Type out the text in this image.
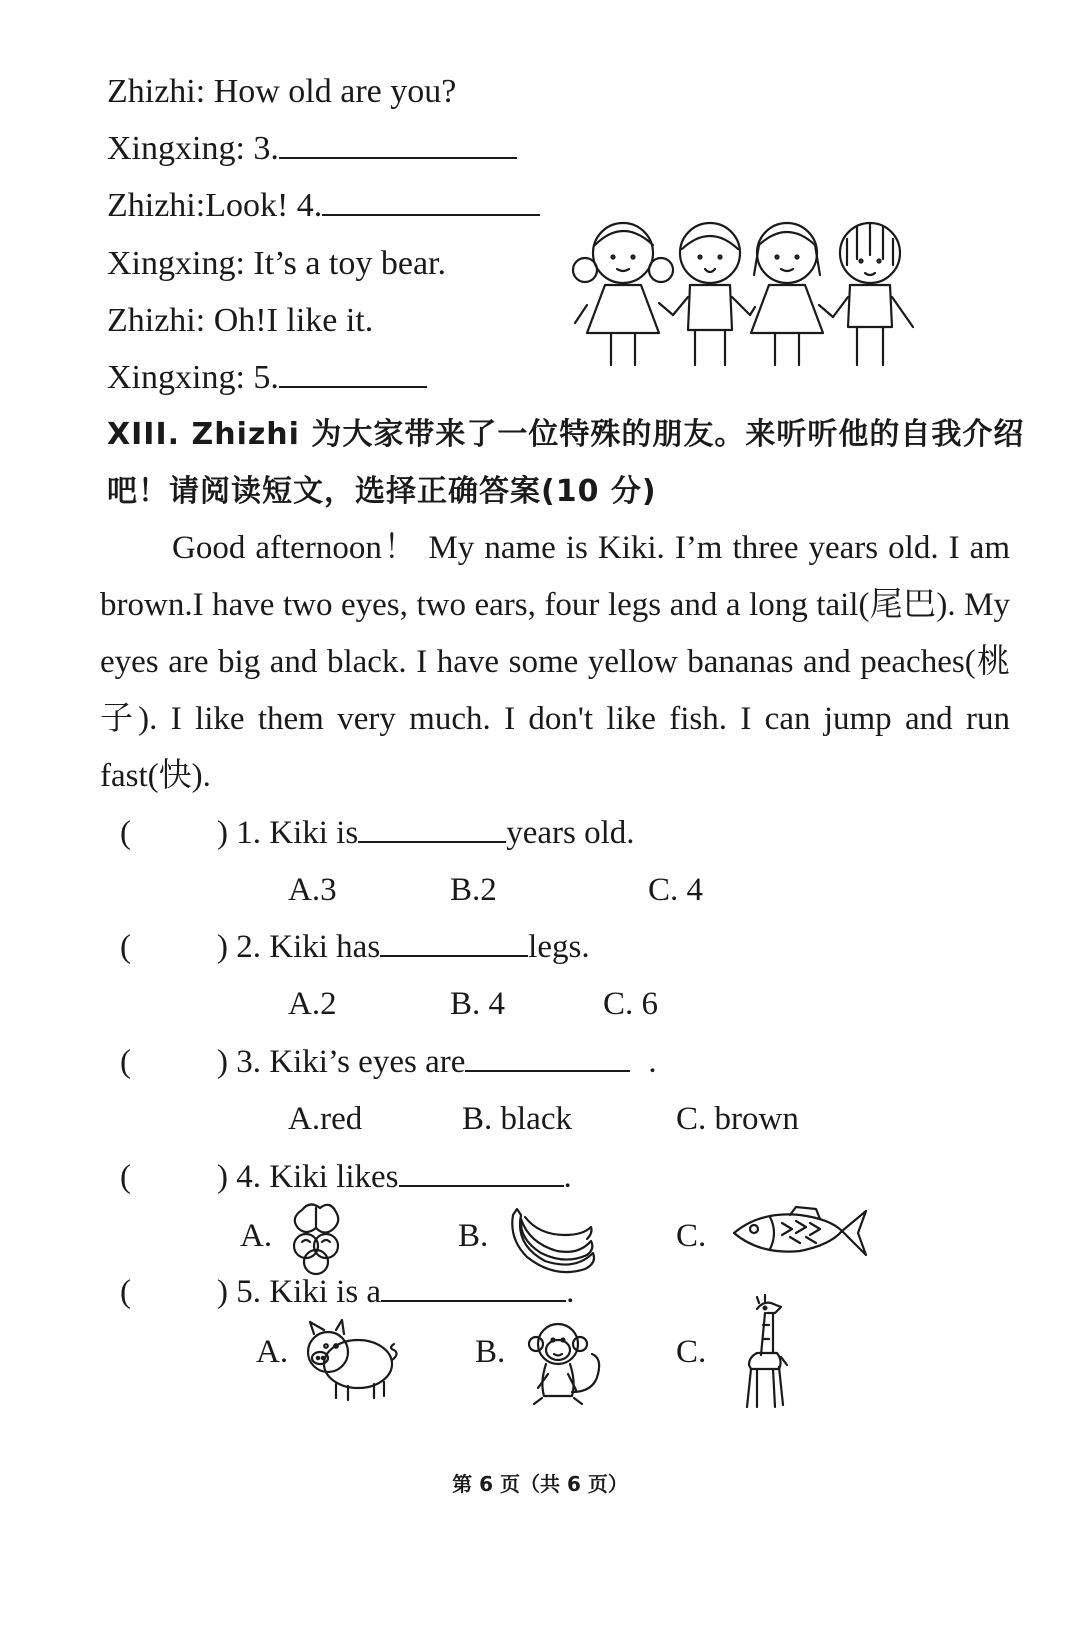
Zhizhi: How old are you?
Xingxing: 3.
Zhizhi:Look! 4.
Xingxing: It’s a toy bear.
Zhizhi: Oh!I like it.
Xingxing: 5.
XIII. Zhizhi 为大家带来了一位特殊的朋友。来听听他的自我介绍
吧！请阅读短文，选择正确答案(10 分)

Good afternoon！ My name is Kiki. I’m three years old. I am brown.I have two eyes, two ears, four legs and a long tail(尾巴). My eyes are big and black. I have some yellow bananas and peaches(桃子). I like them very much. I don't like fish. I can jump and run fast(快).

(	) 1. Kiki is	years old.
A.3	B.2	C. 4
(	) 2. Kiki has	legs.
A.2	B. 4	C. 6
(	) 3. Kiki’s eyes are	.
A.red	B. black	C. brown
(	) 4. Kiki likes	.
A.	B.	C.
(	) 5. Kiki is a	.
A.	B.	C.
第 6 页（共 6 页）
